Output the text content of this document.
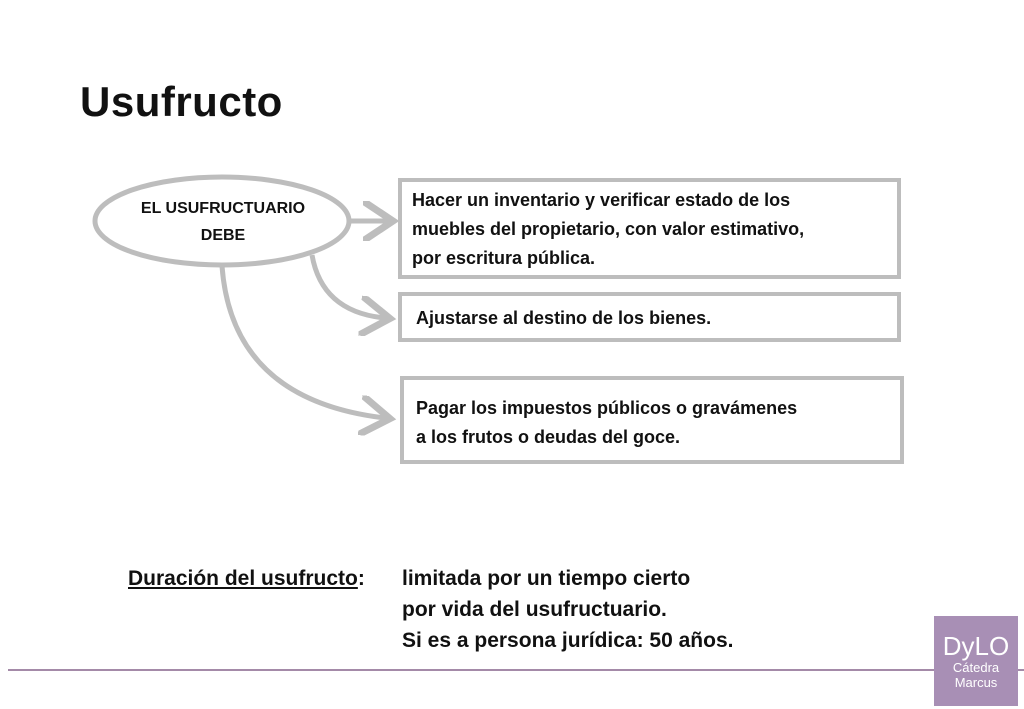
Usufructo
EL USUFRUCTUARIO
DEBE
Hacer un inventario y verificar estado de los
muebles del propietario, con valor estimativo,
por escritura pública.
Ajustarse al destino de los bienes.
Pagar los impuestos públicos o gravámenes
a los frutos o deudas del goce.
Duración del usufructo: limitada por un tiempo cierto
por vida del usufructuario.
Si es a persona jurídica: 50 años.	DyLO
Cátedra
Marcus
